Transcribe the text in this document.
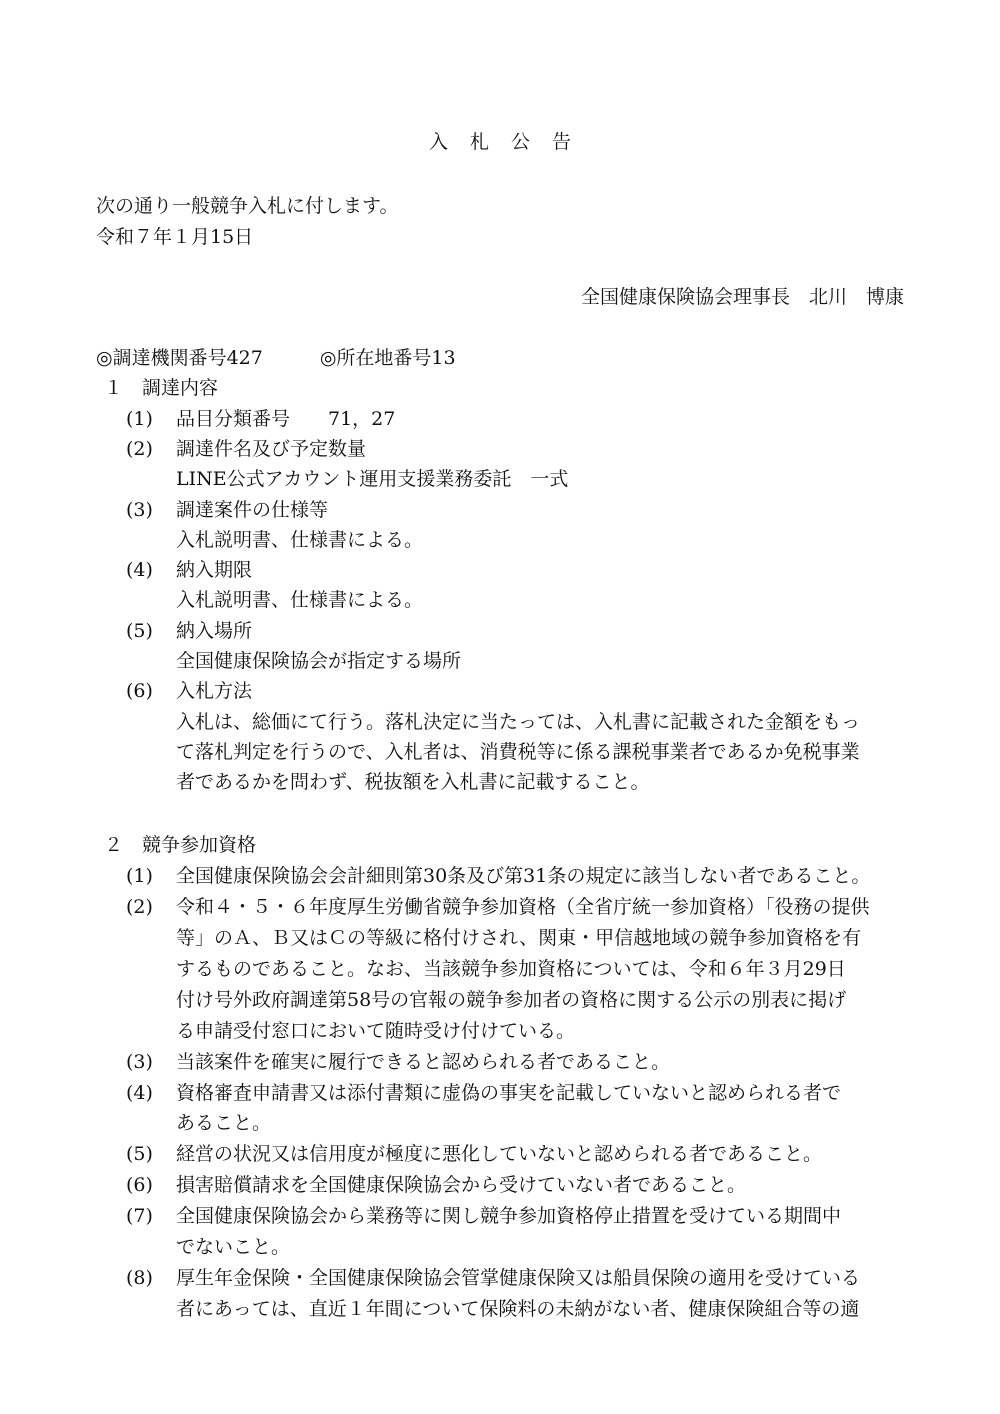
入札公告
次の通り一般競争入札に付します。
令和７年１月15日
全国健康保険協会理事長　北川　博康
◎調達機関番号427　　　◎所在地番号13
１　調達内容
(1) 品目分類番号　　71，27
(2) 調達件名及び予定数量
LINE公式アカウント運用支援業務委託　一式
(3) 調達案件の仕様等
入札説明書、仕様書による。
(4) 納入期限
入札説明書、仕様書による。
(5) 納入場所
全国健康保険協会が指定する場所
(6) 入札方法
入札は、総価にて行う。落札決定に当たっては、入札書に記載された金額をもっ
て落札判定を行うので、入札者は、消費税等に係る課税事業者であるか免税事業
者であるかを問わず、税抜額を入札書に記載すること。
２　競争参加資格
(1) 全国健康保険協会会計細則第30条及び第31条の規定に該当しない者であること。
(2) 令和４・５・６年度厚生労働省競争参加資格（全省庁統一参加資格）「役務の提供
等」のＡ、Ｂ又はＣの等級に格付けされ、関東・甲信越地域の競争参加資格を有
するものであること。なお、当該競争参加資格については、令和６年３月29日
付け号外政府調達第58号の官報の競争参加者の資格に関する公示の別表に掲げ
る申請受付窓口において随時受け付けている。
(3) 当該案件を確実に履行できると認められる者であること。
(4) 資格審査申請書又は添付書類に虚偽の事実を記載していないと認められる者で
あること。
(5) 経営の状況又は信用度が極度に悪化していないと認められる者であること。
(6) 損害賠償請求を全国健康保険協会から受けていない者であること。
(7) 全国健康保険協会から業務等に関し競争参加資格停止措置を受けている期間中
でないこと。
(8) 厚生年金保険・全国健康保険協会管掌健康保険又は船員保険の適用を受けている
者にあっては、直近１年間について保険料の未納がない者、健康保険組合等の適
